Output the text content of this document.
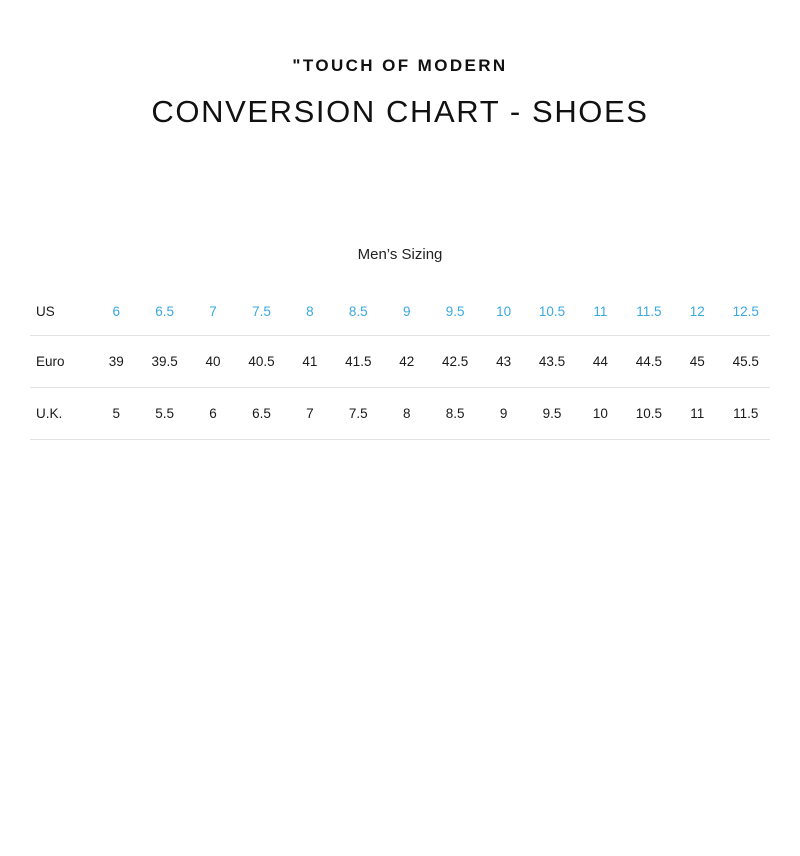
ʺTOUCH OF MODERN
CONVERSION CHART - SHOES
Men’s Sizing
US	6	6.5	7	7.5	8	8.5	9	9.5	10	10.5	11	11.5	12	12.5
Euro	39	39.5	40	40.5	41	41.5	42	42.5	43	43.5	44	44.5	45	45.5
U.K.	5	5.5	6	6.5	7	7.5	8	8.5	9	9.5	10	10.5	11	11.5
